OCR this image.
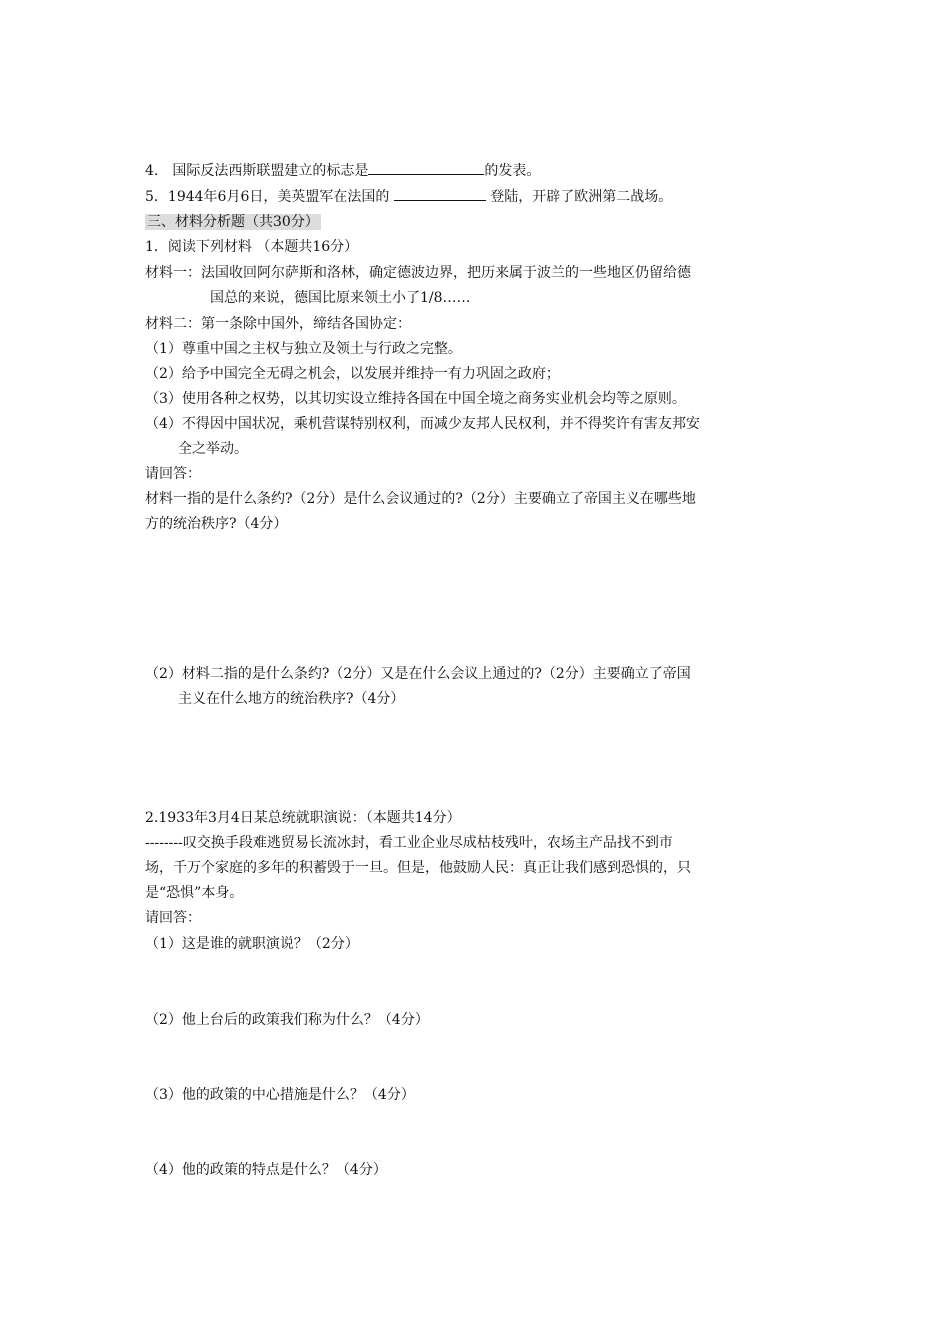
4.　国际反法西斯联盟建立的标志是	的发表。
5．1944年6月6日，美英盟军在法国的	登陆，开辟了欧洲第二战场。
三、材料分析题（共30分）
1．阅读下列材料 （本题共16分）
材料一：法国收回阿尔萨斯和洛林，确定德波边界，把历来属于波兰的一些地区仍留给德
国总的来说，德国比原来领土小了1/8……
材料二：第一条除中国外，缔结各国协定：
（1）尊重中国之主权与独立及领土与行政之完整。
（2）给予中国完全无碍之机会，以发展并维持一有力巩固之政府；
（3）使用各种之权势，以其切实设立维持各国在中国全境之商务实业机会均等之原则。
（4）不得因中国状况，乘机营谋特别权利，而减少友邦人民权利，并不得奖许有害友邦安
全之举动。
请回答：
材料一指的是什么条约?（2分）是什么会议通过的?（2分）主要确立了帝国主义在哪些地
方的统治秩序?（4分）
（2）材料二指的是什么条约?（2分）又是在什么会议上通过的?（2分）主要确立了帝国
主义在什么地方的统治秩序?（4分）
2.1933年3月4日某总统就职演说：（本题共14分）
--------叹交换手段难逃贸易长流冰封，看工业企业尽成枯枝残叶，农场主产品找不到市
场，千万个家庭的多年的积蓄毁于一旦。但是，他鼓励人民：真正让我们感到恐惧的，只
是“恐惧”本身。
请回答：
（1）这是谁的就职演说？（2分）
（2）他上台后的政策我们称为什么？（4分）
（3）他的政策的中心措施是什么？（4分）
（4）他的政策的特点是什么？（4分）
